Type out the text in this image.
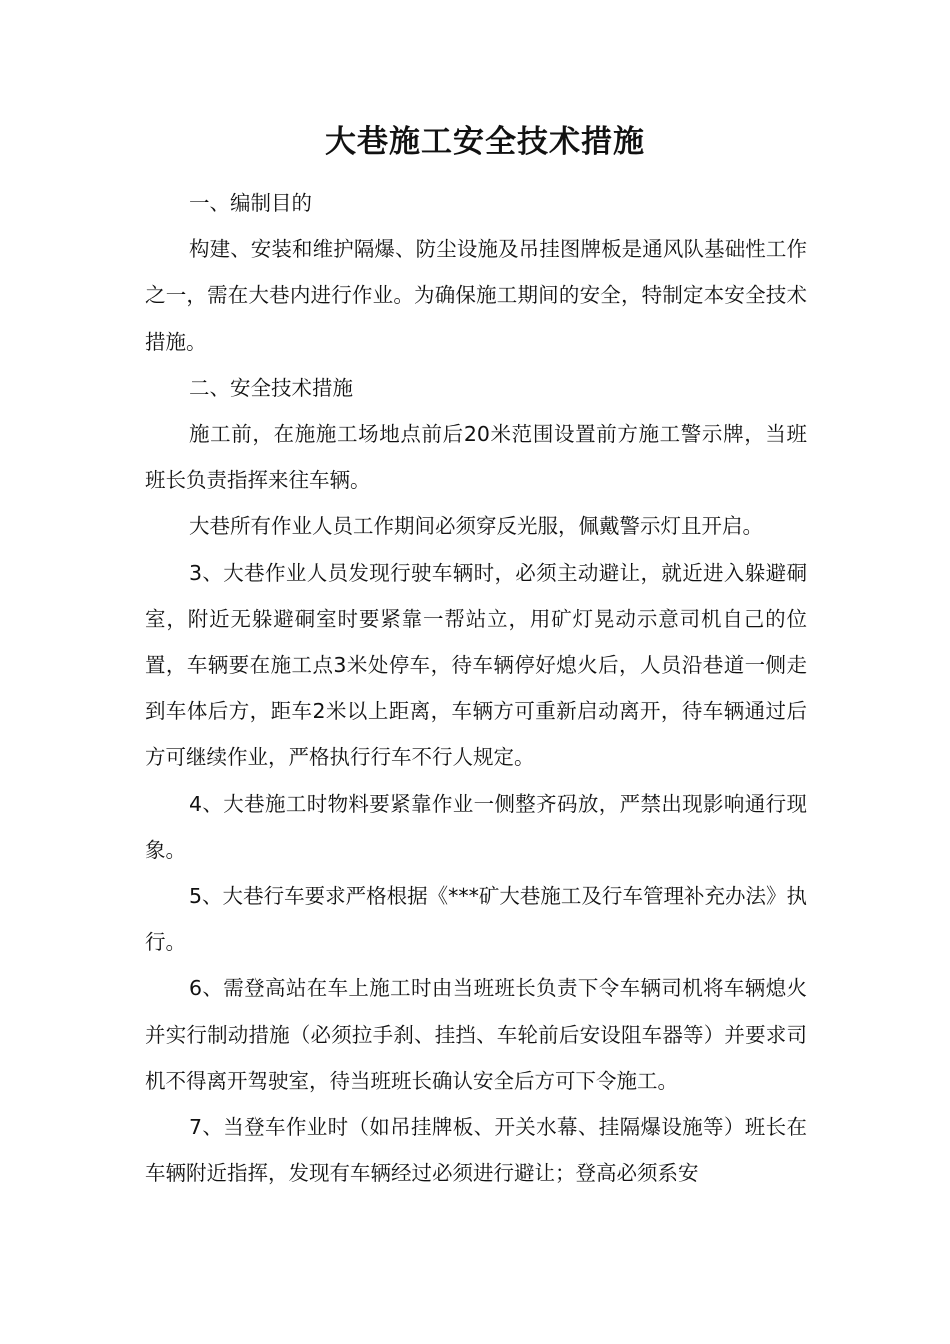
大巷施工安全技术措施

一、编制目的

构建、安装和维护隔爆、防尘设施及吊挂图牌板是通风队基础性工作之一，需在大巷内进行作业。为确保施工期间的安全，特制定本安全技术措施。

二、安全技术措施

施工前，在施施工场地点前后20米范围设置前方施工警示牌，当班班长负责指挥来往车辆。

大巷所有作业人员工作期间必须穿反光服，佩戴警示灯且开启。

3、大巷作业人员发现行驶车辆时，必须主动避让，就近进入躲避硐室，附近无躲避硐室时要紧靠一帮站立，用矿灯晃动示意司机自己的位置，车辆要在施工点3米处停车，待车辆停好熄火后，人员沿巷道一侧走到车体后方，距车2米以上距离，车辆方可重新启动离开，待车辆通过后方可继续作业，严格执行行车不行人规定。

4、大巷施工时物料要紧靠作业一侧整齐码放，严禁出现影响通行现象。

5、大巷行车要求严格根据《***矿大巷施工及行车管理补充办法》执行。

6、需登高站在车上施工时由当班班长负责下令车辆司机将车辆熄火并实行制动措施（必须拉手刹、挂挡、车轮前后安设阻车器等）并要求司机不得离开驾驶室，待当班班长确认安全后方可下令施工。

7、当登车作业时（如吊挂牌板、开关水幕、挂隔爆设施等）班长在车辆附近指挥，发现有车辆经过必须进行避让；登高必须系安
